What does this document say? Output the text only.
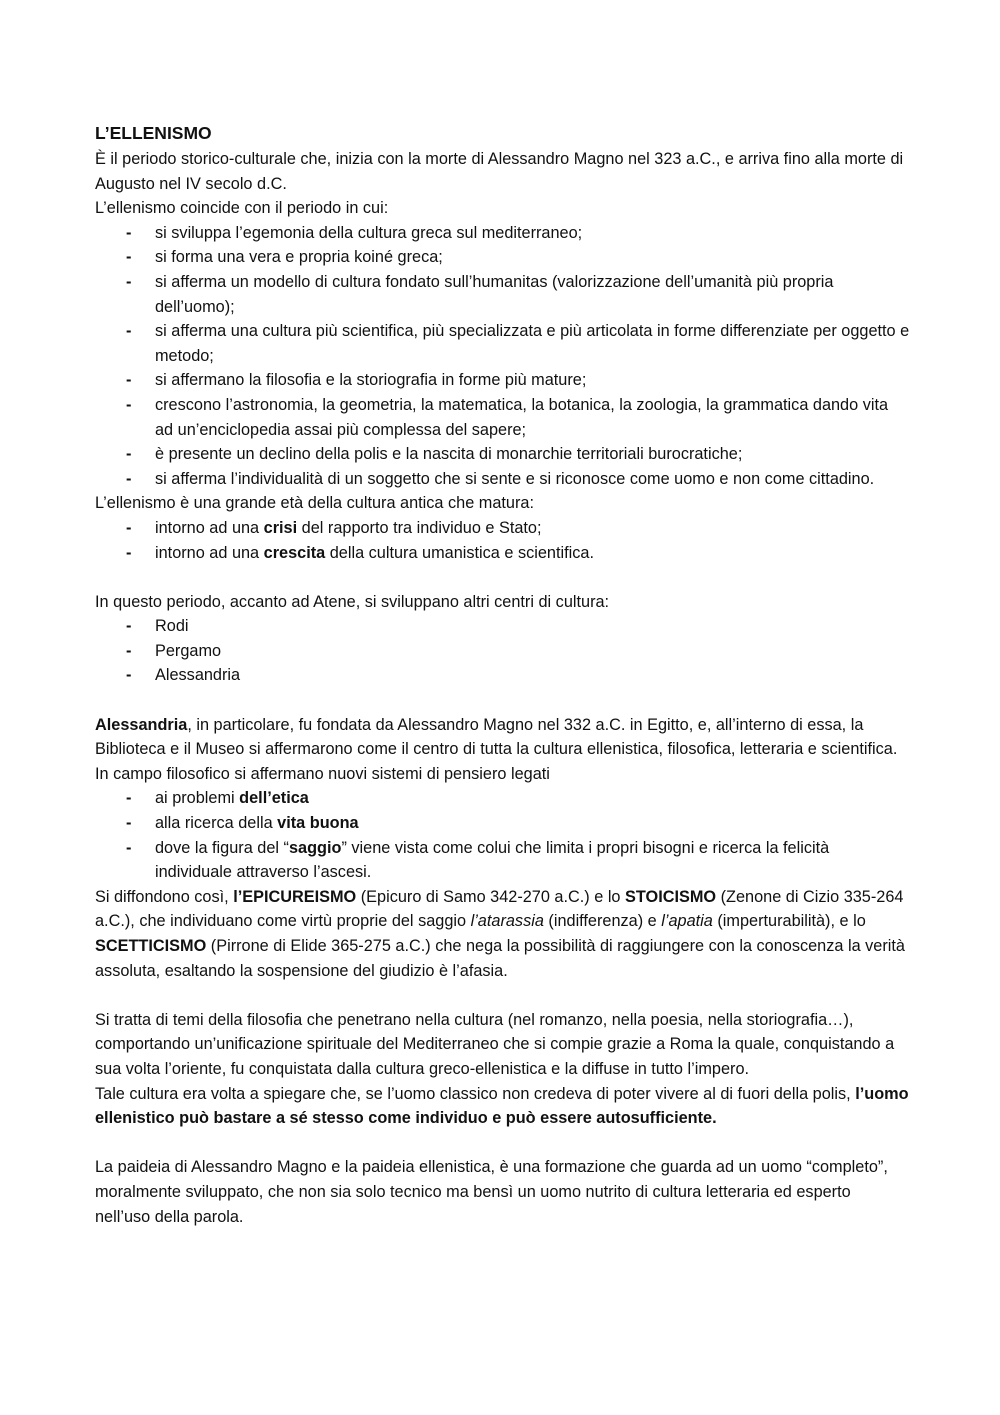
L’ELLENISMO

È il periodo storico-culturale che, inizia con la morte di Alessandro Magno nel 323 a.C., e arriva fino alla morte di Augusto nel IV secolo d.C.

L’ellenismo coincide con il periodo in cui:

- si sviluppa l’egemonia della cultura greca sul mediterraneo;
- si forma una vera e propria koiné greca;
- si afferma un modello di cultura fondato sull’humanitas (valorizzazione dell’umanità più propria dell’uomo);
- si afferma una cultura più scientifica, più specializzata e più articolata in forme differenziate per oggetto e metodo;
- si affermano la filosofia e la storiografia in forme più mature;
- crescono l’astronomia, la geometria, la matematica, la botanica, la zoologia, la grammatica dando vita ad un’enciclopedia assai più complessa del sapere;
- è presente un declino della polis e la nascita di monarchie territoriali burocratiche;
- si afferma l’individualità di un soggetto che si sente e si riconosce come uomo e non come cittadino.

L’ellenismo è una grande età della cultura antica che matura:

- intorno ad una crisi del rapporto tra individuo e Stato;
- intorno ad una crescita della cultura umanistica e scientifica.

In questo periodo, accanto ad Atene, si sviluppano altri centri di cultura:

- Rodi
- Pergamo
- Alessandria

Alessandria, in particolare, fu fondata da Alessandro Magno nel 332 a.C. in Egitto, e, all’interno di essa, la Biblioteca e il Museo si affermarono come il centro di tutta la cultura ellenistica, filosofica, letteraria e scientifica.

In campo filosofico si affermano nuovi sistemi di pensiero legati

- ai problemi dell’etica
- alla ricerca della vita buona
- dove la figura del “saggio” viene vista come colui che limita i propri bisogni e ricerca la felicità individuale attraverso l’ascesi.

Si diffondono così, l’EPICUREISMO (Epicuro di Samo 342-270 a.C.) e lo STOICISMO (Zenone di Cizio 335-264 a.C.), che individuano come virtù proprie del saggio l’atarassia (indifferenza) e l’apatia (imperturabilità), e lo SCETTICISMO (Pirrone di Elide 365-275 a.C.) che nega la possibilità di raggiungere con la conoscenza la verità assoluta, esaltando la sospensione del giudizio è l’afasia.

Si tratta di temi della filosofia che penetrano nella cultura (nel romanzo, nella poesia, nella storiografia…), comportando un’unificazione spirituale del Mediterraneo che si compie grazie a Roma la quale, conquistando a sua volta l’oriente, fu conquistata dalla cultura greco-ellenistica e la diffuse in tutto l’impero.

Tale cultura era volta a spiegare che, se l’uomo classico non credeva di poter vivere al di fuori della polis, l’uomo ellenistico può bastare a sé stesso come individuo e può essere autosufficiente.

La paideia di Alessandro Magno e la paideia ellenistica, è una formazione che guarda ad un uomo “completo”, moralmente sviluppato, che non sia solo tecnico ma bensì un uomo nutrito di cultura letteraria ed esperto nell’uso della parola.
